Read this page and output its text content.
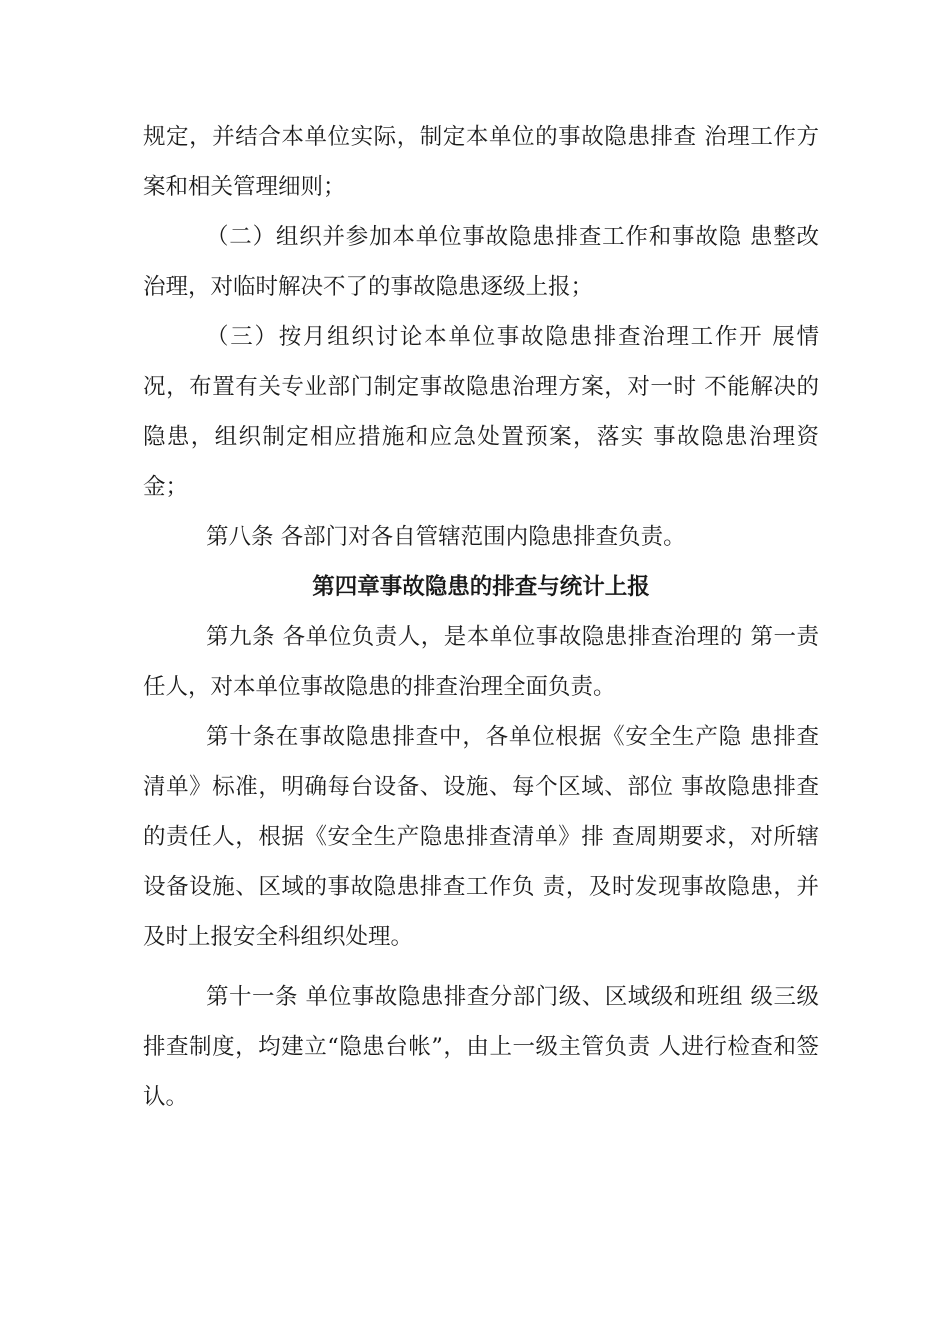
规定，并结合本单位实际，制定本单位的事故隐患排查 治理工作方案和相关管理细则；

（二）组织并参加本单位事故隐患排查工作和事故隐 患整改治理，对临时解决不了的事故隐患逐级上报；

（三）按月组织讨论本单位事故隐患排查治理工作开 展情况，布置有关专业部门制定事故隐患治理方案，对一时 不能解决的隐患，组织制定相应措施和应急处置预案，落实 事故隐患治理资金；

第八条 各部门对各自管辖范围内隐患排查负责。

第四章事故隐患的排查与统计上报

第九条 各单位负责人，是本单位事故隐患排查治理的 第一责任人，对本单位事故隐患的排查治理全面负责。

第十条在事故隐患排查中，各单位根据《安全生产隐 患排查清单》标准，明确每台设备、设施、每个区域、部位 事故隐患排查的责任人，根据《安全生产隐患排查清单》排 查周期要求，对所辖设备设施、区域的事故隐患排查工作负 责，及时发现事故隐患，并及时上报安全科组织处理。

第十一条 单位事故隐患排查分部门级、区域级和班组 级三级排查制度，均建立“隐患台帐”，由上一级主管负责 人进行检查和签认。
